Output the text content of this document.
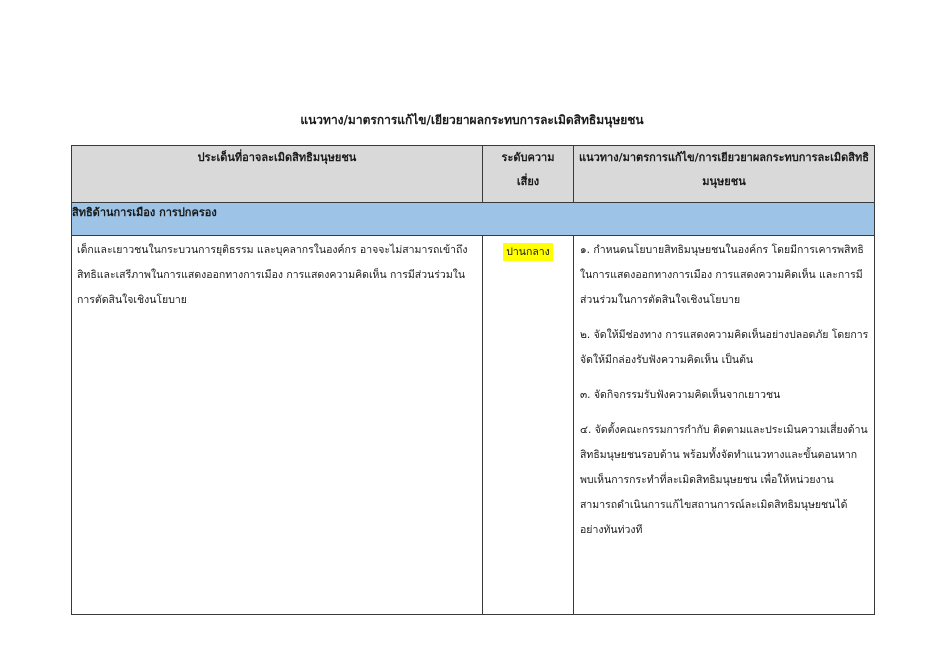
แนวทาง/มาตรการแก้ไข/เยียวยาผลกระทบการละเมิดสิทธิมนุษยชน
ประเด็นที่อาจละเมิดสิทธิมนุษยชน	ระดับความเสี่ยง	แนวทาง/มาตรการแก้ไข/การเยียวยาผลกระทบการละเมิดสิทธิมนุษยชน
สิทธิด้านการเมือง การปกครอง		

เด็กและเยาวชนในกระบวนการยุติธรรม และบุคลากรในองค์กร อาจจะไม่สามารถเข้าถึงสิทธิและเสรีภาพในการแสดงออกทางการเมือง การแสดงความคิดเห็น การมีส่วนร่วมในการตัดสินใจเชิงนโยบาย	ปานกลาง	๑. กำหนดนโยบายสิทธิมนุษยชนในองค์กร โดยมีการเคารพสิทธิในการแสดงออกทางการเมือง การแสดงความคิดเห็น และการมีส่วนร่วมในการตัดสินใจเชิงนโยบาย
๒. จัดให้มีช่องทาง การแสดงความคิดเห็นอย่างปลอดภัย โดยการจัดให้มีกล่องรับฟังความคิดเห็น เป็นต้น
๓. จัดกิจกรรมรับฟังความคิดเห็นจากเยาวชน
๔. จัดตั้งคณะกรรมการกำกับ ติดตามและประเมินความเสี่ยงด้านสิทธิมนุษยชนรอบด้าน พร้อมทั้งจัดทำแนวทางและขั้นตอนหากพบเห็นการกระทำที่ละเมิดสิทธิมนุษยชน เพื่อให้หน่วยงานสามารถดำเนินการแก้ไขสถานการณ์ละเมิดสิทธิมนุษยชนได้อย่างทันท่วงที
